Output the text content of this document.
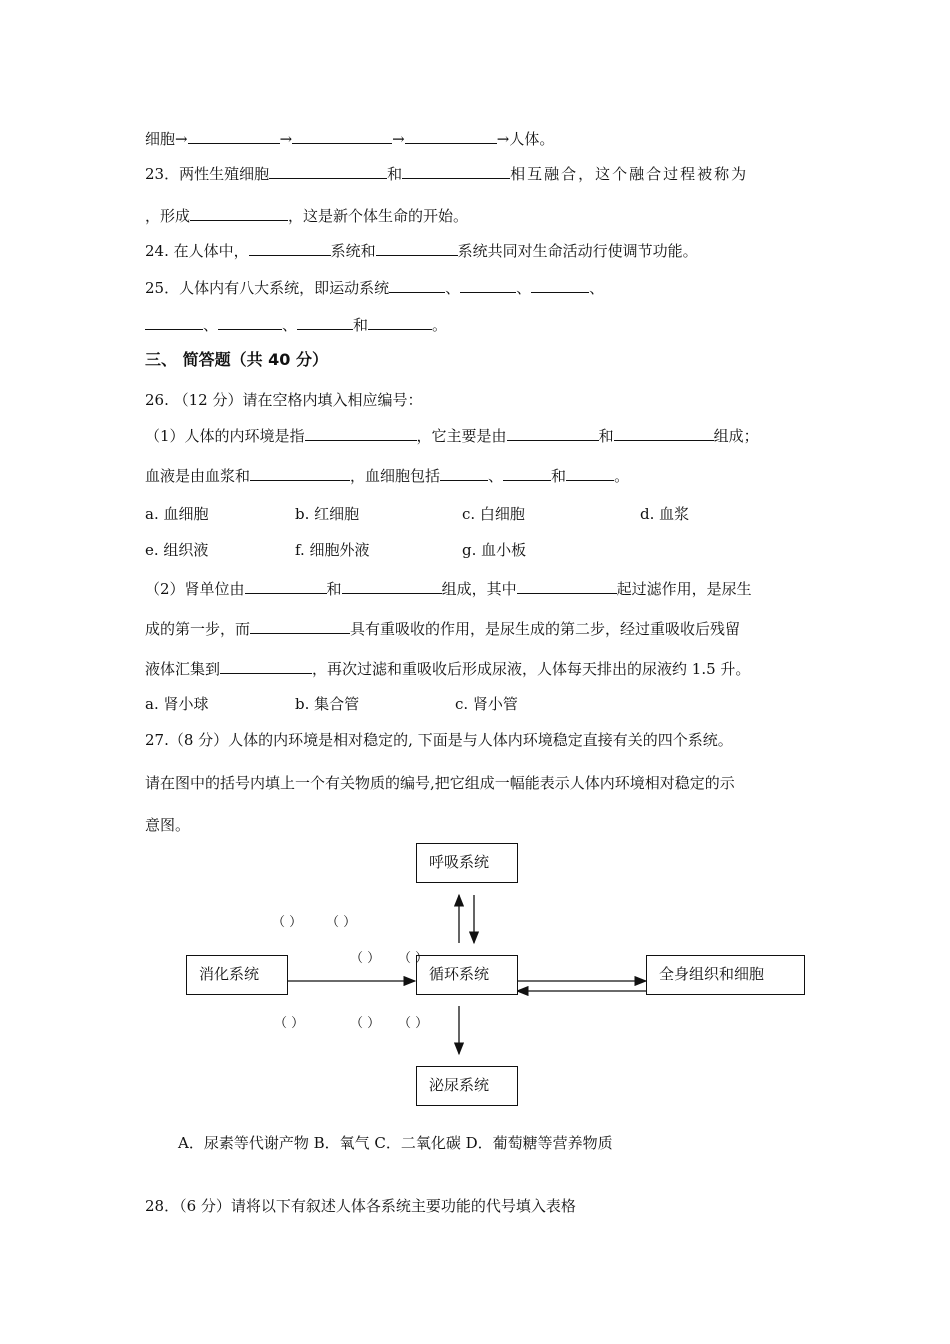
细胞→	→	→	→人体。
23．两性生殖细胞	和	相互融合，这个融合过程被称为
，形成	，这是新个体生命的开始。
24. 在人体中，	系统和	系统共同对生命活动行使调节功能。
25．人体内有八大系统，即运动系统	、	、	、
、	、	和	。
三、 简答题（共 40 分）
26. （12 分）请在空格内填入相应编号：
（1）人体的内环境是指	，它主要是由	和	组成；
血液是由血浆和	，血细胞包括	、	和	。
a. 血细胞	b. 红细胞	c. 白细胞	d. 血浆
e. 组织液	f. 细胞外液	g. 血小板
（2）肾单位由	和	组成，其中	起过滤作用，是尿生
成的第一步，而	具有重吸收的作用，是尿生成的第二步，经过重吸收后残留
液体汇集到	，再次过滤和重吸收后形成尿液，人体每天排出的尿液约 1.5 升。
a. 肾小球	b. 集合管	c. 肾小管
27.（8 分）人体的内环境是相对稳定的, 下面是与人体内环境稳定直接有关的四个系统。
请在图中的括号内填上一个有关物质的编号,把它组成一幅能表示人体内环境相对稳定的示
意图。
呼吸系统
消化系统	循环系统	全身组织和细胞
泌尿系统
（ ） （ ）
（ ） （ ）
（ ）	（ ） （ ）
A．尿素等代谢产物 B．氧气 C．二氧化碳 D．葡萄糖等营养物质
28．（6 分）请将以下有叙述人体各系统主要功能的代号填入表格
